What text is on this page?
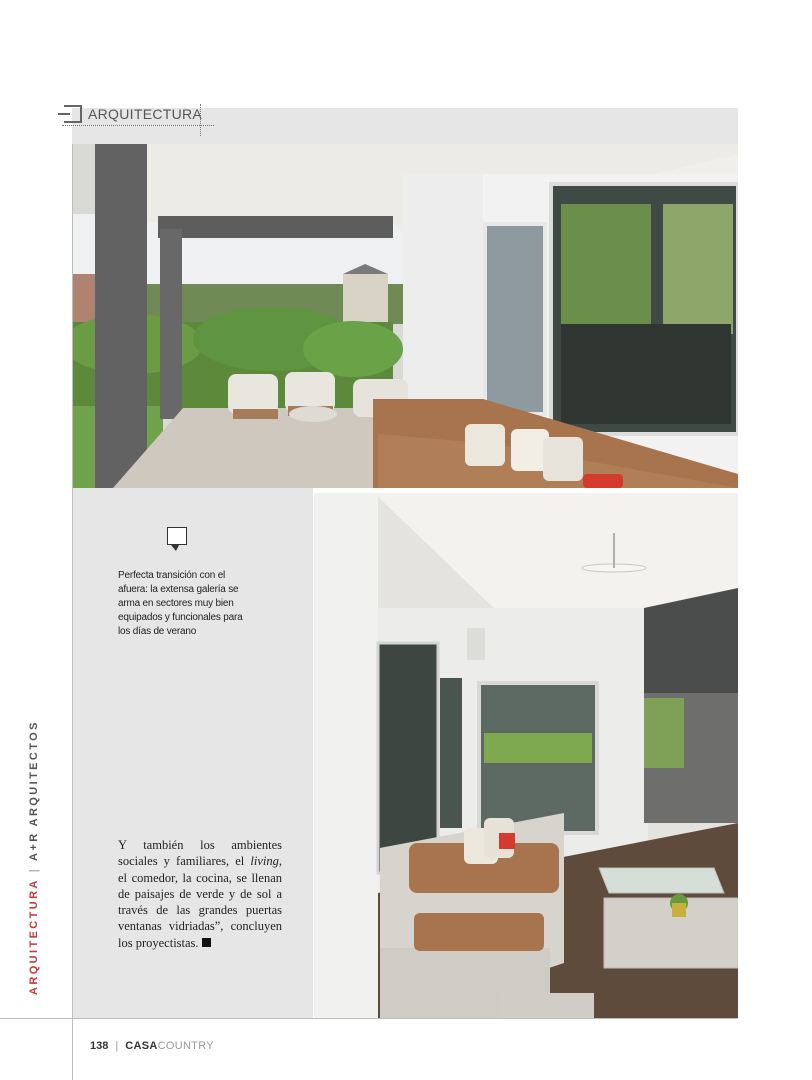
ARQUITECTURA
ARQUITECTURA|A+R ARQUITECTOS
Perfecta transición con el
afuera: la extensa galería se
arma en sectores muy bien
equipados y funcionales para
los días de verano
Y también los ambientes sociales y familiares, el living, el comedor, la cocina, se llenan de paisajes de verde y de sol a través de las grandes puertas ventanas vidriadas”, concluyen los proyectistas.
138 | CASACOUNTRY
